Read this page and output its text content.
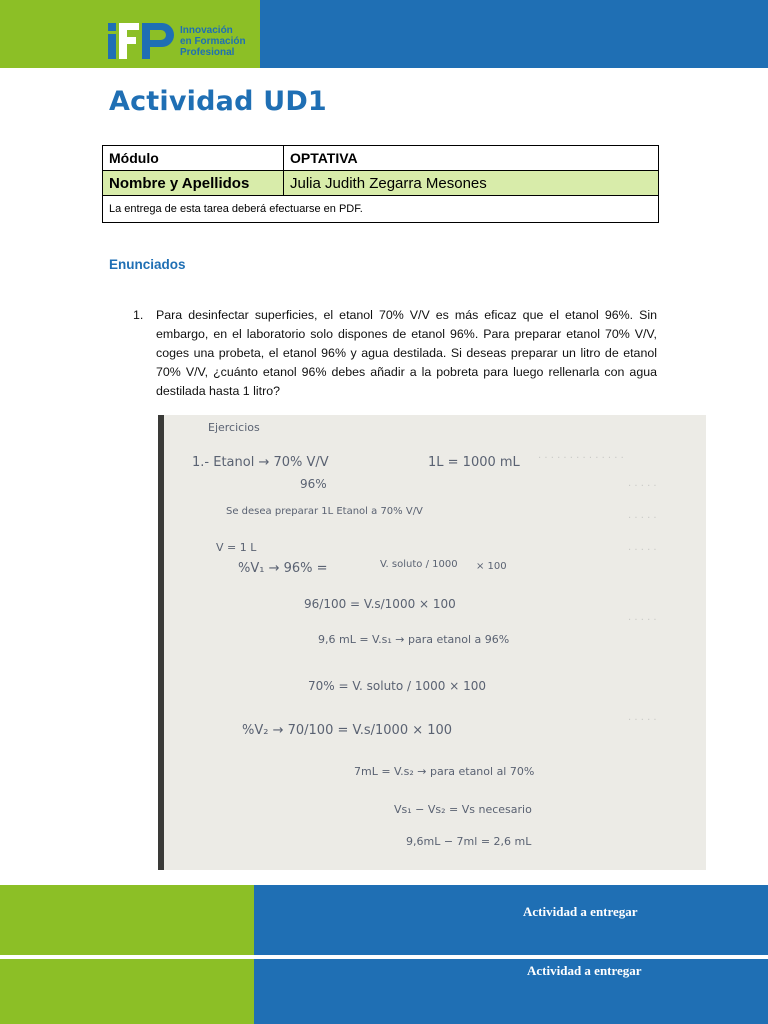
Innovación
en Formación
Profesional
Actividad UD1
Módulo	OPTATIVA
Nombre y Apellidos	Julia Judith Zegarra Mesones
La entrega de esta tarea deberá efectuarse en PDF.	
Enunciados
1. Para desinfectar superficies, el etanol 70% V/V es más eficaz que el etanol 96%. Sin embargo, en el laboratorio solo dispones de etanol 96%. Para preparar etanol 70% V/V, coges una probeta, el etanol 96% y agua destilada. Si deseas preparar un litro de etanol 70% V/V, ¿cuánto etanol 96% debes añadir a la pobreta para luego rellenarla con agua destilada hasta 1 litro?
· · · · · · · · · · · · · ·
· · · · ·
· · · · ·
· · · · ·
· · · · ·
· · · · ·
Ejercicios
1.- Etanol → 70% V/V	1L = 1000 mL
96%
Se desea preparar 1L Etanol a 70% V/V
V = 1 L
%V₁ → 96% =	V. soluto / 1000 × 100
96/100 = V.s/1000 × 100
9,6 mL = V.s₁ → para etanol a 96%
70% = V. soluto / 1000 × 100
%V₂ → 70/100 = V.s/1000 × 100
7mL = V.s₂ → para etanol al 70%
Vs₁ − Vs₂ = Vs necesario
9,6mL − 7ml = 2,6 mL
Actividad a entregar
Actividad a entregar
